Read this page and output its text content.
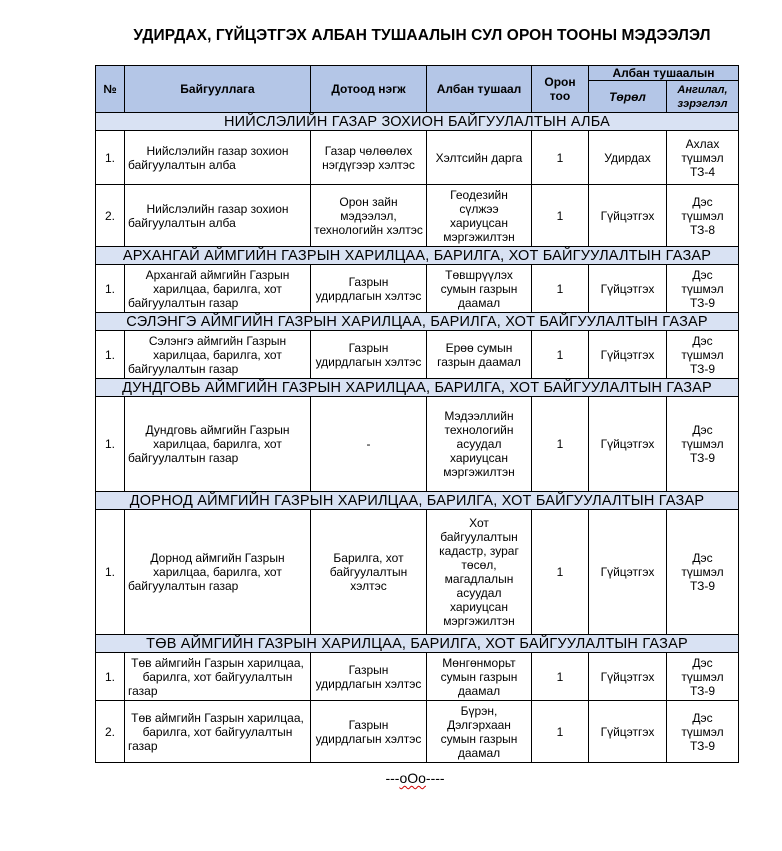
УДИРДАХ, ГҮЙЦЭТГЭХ АЛБАН ТУШААЛЫН СУЛ ОРОН ТООНЫ МЭДЭЭЛЭЛ
№	Байгууллага	Дотоод нэгж	Албан тушаал	Орон тоо	Албан тушаалын	
					Төрөл	Ангилал, зэрэглэл
НИЙСЛЭЛИЙН ГАЗАР ЗОХИОН БАЙГУУЛАЛТЫН АЛБА						
1.	Нийслэлийн газар зохион байгуулалтын алба	Газар чөлөөлөх нэгдүгээр хэлтэс	Хэлтсийн дарга	1	Удирдах	Ахлах түшмэл ТЗ-4
2.	Нийслэлийн газар зохион байгуулалтын алба	Орон зайн мэдээлэл, технологийн хэлтэс	Геодезийн сүлжээ хариуцсан мэргэжилтэн	1	Гүйцэтгэх	Дэс түшмэл ТЗ-8
АРХАНГАЙ АЙМГИЙН ГАЗРЫН ХАРИЛЦАА, БАРИЛГА, ХОТ БАЙГУУЛАЛТЫН ГАЗАР						
1.	Архангай аймгийн Газрын харилцаа, барилга, хот байгуулалтын газар	Газрын удирдлагын хэлтэс	Төвшрүүлэх сумын газрын даамал	1	Гүйцэтгэх	Дэс түшмэл ТЗ-9
СЭЛЭНГЭ АЙМГИЙН ГАЗРЫН ХАРИЛЦАА, БАРИЛГА, ХОТ БАЙГУУЛАЛТЫН ГАЗАР						
1.	Сэлэнгэ аймгийн Газрын харилцаа, барилга, хот байгуулалтын газар	Газрын удирдлагын хэлтэс	Ерөө сумын газрын даамал	1	Гүйцэтгэх	Дэс түшмэл ТЗ-9
ДУНДГОВЬ АЙМГИЙН ГАЗРЫН ХАРИЛЦАА, БАРИЛГА, ХОТ БАЙГУУЛАЛТЫН ГАЗАР						
1.	Дундговь аймгийн Газрын харилцаа, барилга, хот байгуулалтын газар	-	Мэдээллийн технологийн асуудал хариуцсан мэргэжилтэн	1	Гүйцэтгэх	Дэс түшмэл ТЗ-9
ДОРНОД АЙМГИЙН ГАЗРЫН ХАРИЛЦАА, БАРИЛГА, ХОТ БАЙГУУЛАЛТЫН ГАЗАР						
1.	Дорнод аймгийн Газрын харилцаа, барилга, хот байгуулалтын газар	Барилга, хот байгуулалтын хэлтэс	Хот байгуулалтын кадастр, зураг төсөл, магадлалын асуудал хариуцсан мэргэжилтэн	1	Гүйцэтгэх	Дэс түшмэл ТЗ-9
ТӨВ АЙМГИЙН ГАЗРЫН ХАРИЛЦАА, БАРИЛГА, ХОТ БАЙГУУЛАЛТЫН ГАЗАР						
1.	Төв аймгийн Газрын харилцаа, барилга, хот байгуулалтын газар	Газрын удирдлагын хэлтэс	Мөнгөнморьт сумын газрын даамал	1	Гүйцэтгэх	Дэс түшмэл ТЗ-9
2.	Төв аймгийн Газрын харилцаа, барилга, хот байгуулалтын газар	Газрын удирдлагын хэлтэс	Бүрэн, Дэлгэрхаан сумын газрын даамал	1	Гүйцэтгэх	Дэс түшмэл ТЗ-9
---oOo----
